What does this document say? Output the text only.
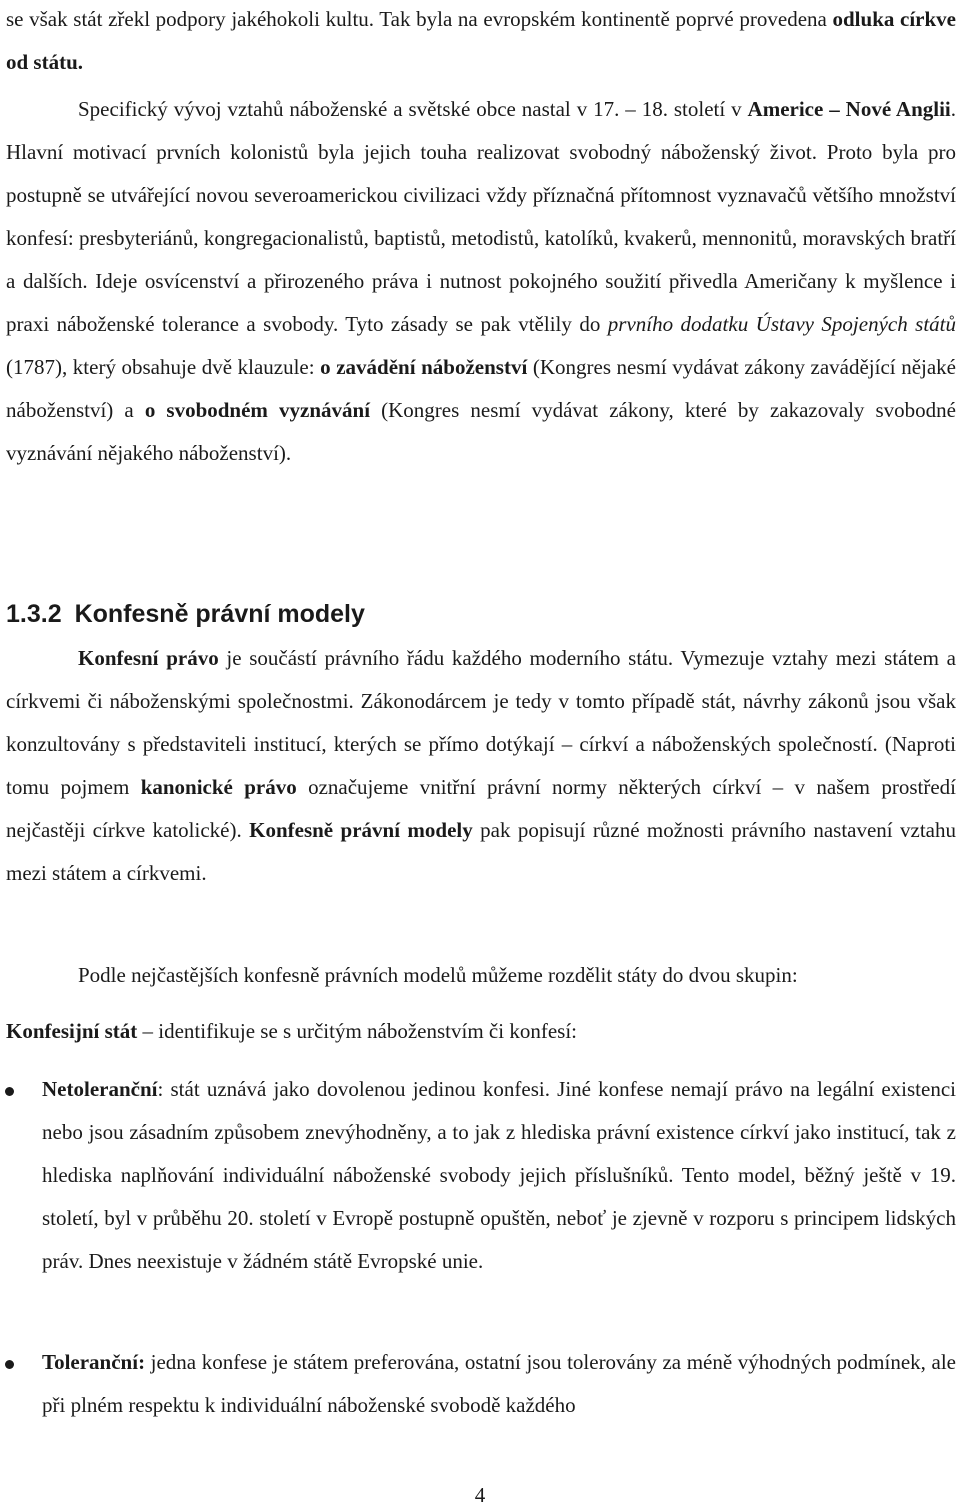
se však stát zřekl podpory jakéhokoli kultu. Tak byla na evropském kontinentě poprvé provedena odluka církve od státu.

Specifický vývoj vztahů náboženské a světské obce nastal v 17. – 18. století v Americe – Nové Anglii. Hlavní motivací prvních kolonistů byla jejich touha realizovat svobodný náboženský život. Proto byla pro postupně se utvářející novou severoamerickou civilizaci vždy příznačná přítomnost vyznavačů většího množství konfesí: presbyteriánů, kongregacionalistů, baptistů, metodistů, katolíků, kvakerů, mennonitů, moravských bratří a dalších. Ideje osvícenství a přirozeného práva i nutnost pokojného soužití přivedla Američany k myšlence i praxi náboženské tolerance a svobody. Tyto zásady se pak vtělily do prvního dodatku Ústavy Spojených států (1787), který obsahuje dvě klauzule: o zavádění náboženství (Kongres nesmí vydávat zákony zavádějící nějaké náboženství) a o svobodném vyznávání (Kongres nesmí vydávat zákony, které by zakazovaly svobodné vyznávání nějakého náboženství).

1.3.2 Konfesně právní modely

Konfesní právo je součástí právního řádu každého moderního státu. Vymezuje vztahy mezi státem a církvemi či náboženskými společnostmi. Zákonodárcem je tedy v tomto případě stát, návrhy zákonů jsou však konzultovány s představiteli institucí, kterých se přímo dotýkají – církví a náboženských společností. (Naproti tomu pojmem kanonické právo označujeme vnitřní právní normy některých církví – v našem prostředí nejčastěji církve katolické). Konfesně právní modely pak popisují různé možnosti právního nastavení vztahu mezi státem a církvemi.

Podle nejčastějších konfesně právních modelů můžeme rozdělit státy do dvou skupin:

Konfesijní stát – identifikuje se s určitým náboženstvím či konfesí:

Netoleranční: stát uznává jako dovolenou jedinou konfesi. Jiné konfese nemají právo na legální existenci nebo jsou zásadním způsobem znevýhodněny, a to jak z hlediska právní existence církví jako institucí, tak z hlediska naplňování individuální náboženské svobody jejich příslušníků. Tento model, běžný ještě v 19. století, byl v průběhu 20. století v Evropě postupně opuštěn, neboť je zjevně v rozporu s principem lidských práv. Dnes neexistuje v žádném státě Evropské unie.

Toleranční: jedna konfese je státem preferována, ostatní jsou tolerovány za méně výhodných podmínek, ale při plném respektu k individuální náboženské svobodě každého

4
